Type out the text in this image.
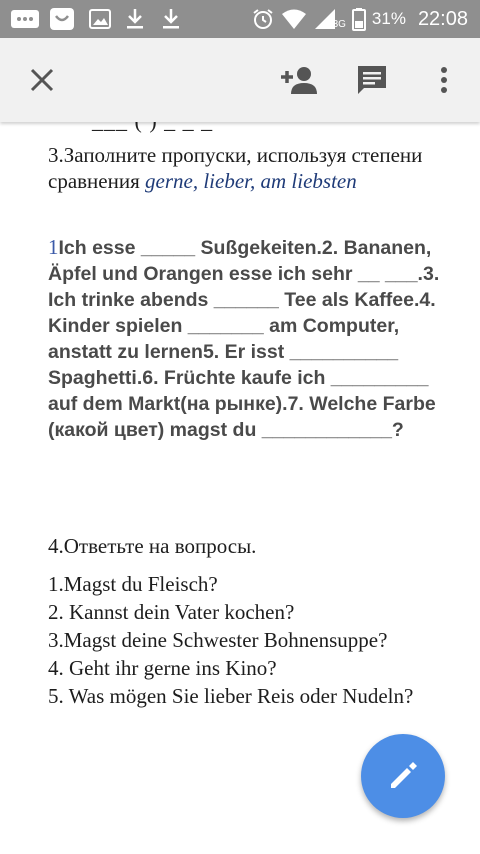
3G 31% 22:08

3.Заполните пропуски, используя степени сравнения gerne, lieber, am liebsten

1Ich esse _____ Sußgekeiten.2. Bananen, Äpfel und Orangen esse ich sehr __ ___.3. Ich trinke abends ______ Tee als Kaffee.4. Kinder spielen _______ am Computer, anstatt zu lernen5. Er isst __________ Spaghetti.6. Früchte kaufe ich _________ auf dem Markt(на рынке).7. Welche Farbe (какой цвет) magst du ____________?

4.Ответьте на вопросы.

1.Magst du Fleisch?
2. Kannst dein Vater kochen?
3.Magst deine Schwester Bohnensuppe?
4. Geht ihr gerne ins Kino?
5. Was mögen Sie lieber Reis oder Nudeln?
